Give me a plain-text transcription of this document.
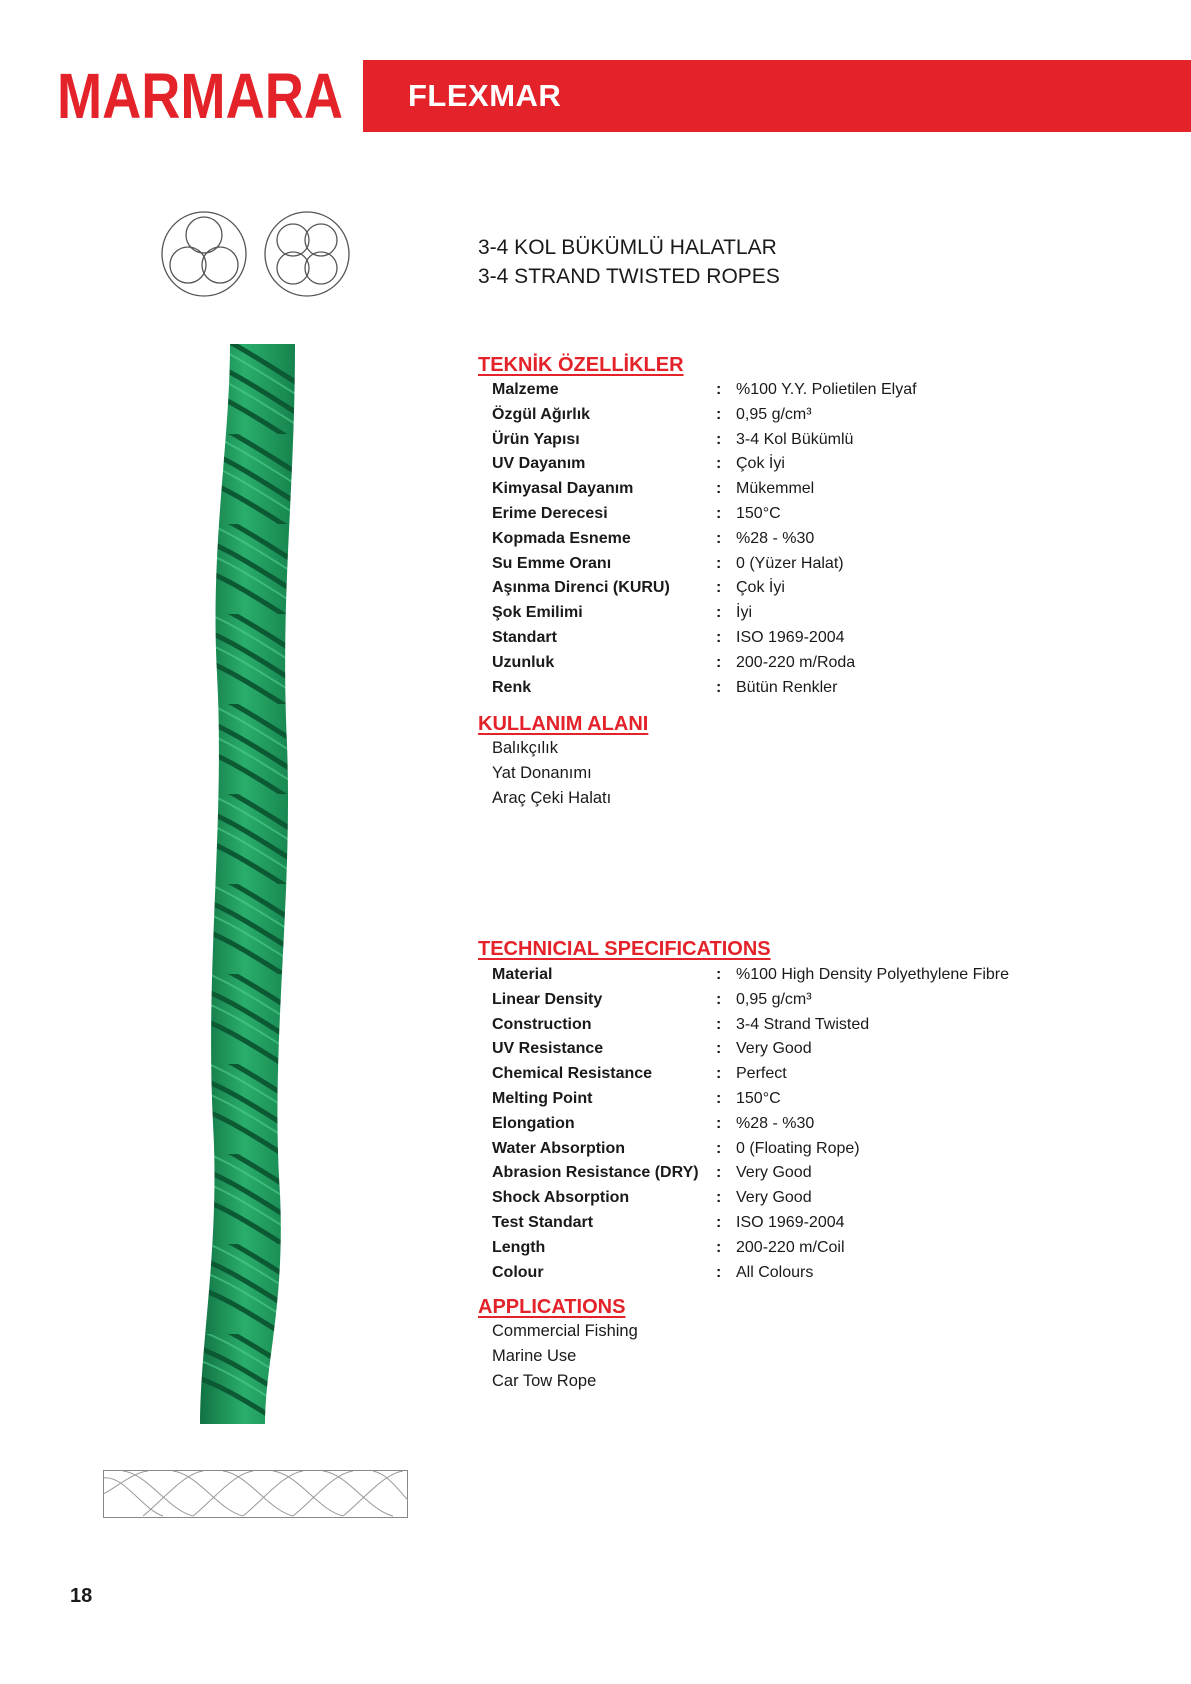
MARMARA FLEXMAR
3-4 KOL BÜKÜMLÜ HALATLAR
3-4 STRAND TWISTED ROPES
TEKNİK ÖZELLİKLER
Malzeme	: %100 Y.Y. Polietilen Elyaf
Özgül Ağırlık	: 0,95 g/cm³
Ürün Yapısı	: 3-4 Kol Bükümlü
UV Dayanım	: Çok İyi
Kimyasal Dayanım	: Mükemmel
Erime Derecesi	: 150°C
Kopmada Esneme	: %28 - %30
Su Emme Oranı	: 0 (Yüzer Halat)
Aşınma Direnci (KURU)	: Çok İyi
Şok Emilimi	: İyi
Standart	: ISO 1969-2004
Uzunluk	: 200-220 m/Roda
Renk	: Bütün Renkler
KULLANIM ALANI
Balıkçılık
Yat Donanımı
Araç Çeki Halatı
TECHNICIAL SPECIFICATIONS
Material	: %100 High Density Polyethylene Fibre
Linear Density	: 0,95 g/cm³
Construction	: 3-4 Strand Twisted
UV Resistance	: Very Good
Chemical Resistance	: Perfect
Melting Point	: 150°C
Elongation	: %28 - %30
Water Absorption	: 0 (Floating Rope)
Abrasion Resistance (DRY) : Very Good
Shock Absorption	: Very Good
Test Standart	: ISO 1969-2004
Length	: 200-220 m/Coil
Colour	: All Colours
APPLICATIONS
Commercial Fishing
Marine Use
Car Tow Rope
18
